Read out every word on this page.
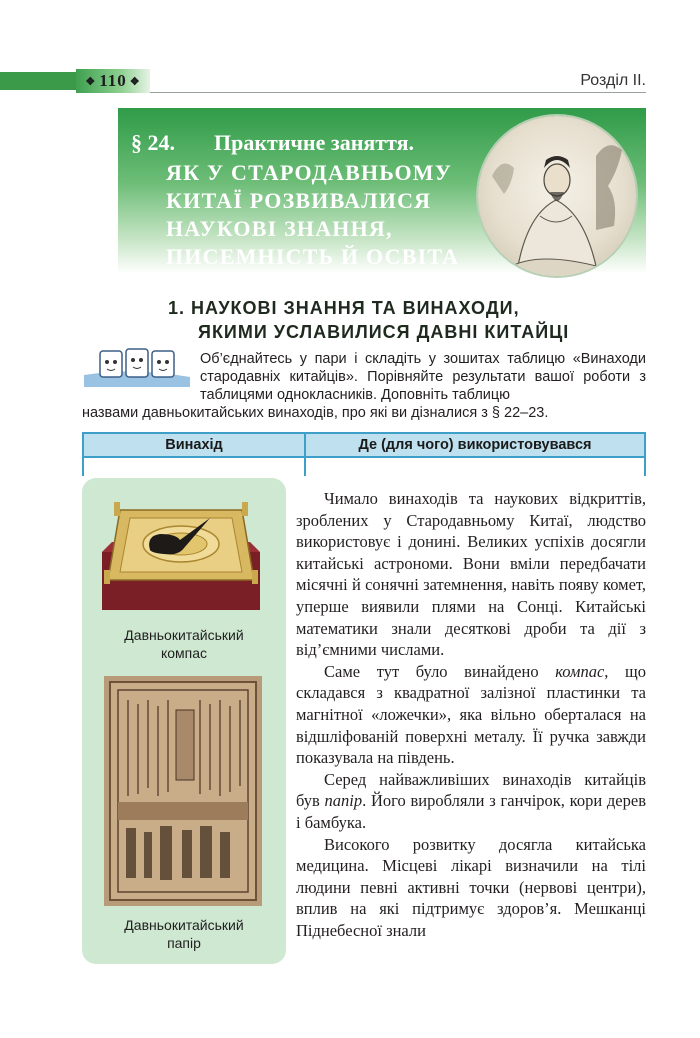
❖ 110 ❖	Розділ ІІ.
§ 24. Практичне заняття.
ЯК У СТАРОДАВНЬОМУ
КИТАЇ РОЗВИВАЛИСЯ
НАУКОВІ ЗНАННЯ,
ПИСЕМНІСТЬ Й ОСВІТА
1. НАУКОВІ ЗНАННЯ ТА ВИНАХОДИ,
ЯКИМИ УСЛАВИЛИСЯ ДАВНІ КИТАЙЦІ
Об’єднайтесь у пари і складіть у зошитах таблицю «Винаходи стародавніх китайців». Порівняйте результати вашої роботи з таблицями однокласників. Доповніть таблицю
назвами давньокитайських винаходів, про які ви дізналися з § 22–23.
Винахід	Де (для чого) використовувався

Давньокитайський
компас
Давньокитайський
папір

Чимало винаходів та наукових відкриттів, зроблених у Стародавньому Китаї, людство використовує і донині. Великих успіхів досягли китайські астрономи. Вони вміли передбачати місячні й сонячні затемнення, навіть появу комет, уперше виявили плями на Сонці. Китайські математики знали десяткові дроби та дії з від’ємними числами.

Саме тут було винайдено компас, що складався з квадратної залізної пластинки та магнітної «ложечки», яка вільно оберталася на відшліфованій поверхні металу. Її ручка завжди показувала на південь.

Серед найважливіших винаходів китайців був папір. Його виробляли з ганчірок, кори дерев і бамбука.

Високого розвитку досягла китайська медицина. Місцеві лікарі визначили на тілі людини певні активні точки (нервові центри), вплив на які підтримує здоров’я. Мешканці Піднебесної знали
